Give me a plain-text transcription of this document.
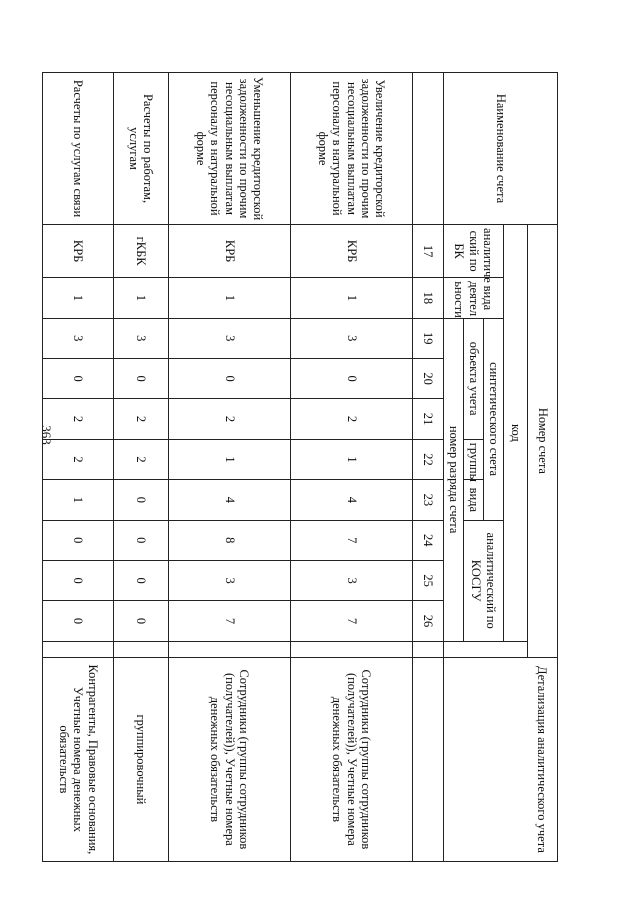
363
Наименование счета	Номер счета											Детализация аналитического учета
	код											
	аналитиче ский по БК	вида деятел ьности	синтетического счета					аналитический по КОСГУ				
			объекта учета			группы	вида					
			номер разряда счета									
	17	18	19	20	21	22	23	24	25	26		
Увеличение кредиторской задолженности по прочим несоциальным выплатам персоналу в натуральной форме	КРБ	1	3	0	2	1	4	7	3	7		Сотрудники (группы сотрудников (получателей)), Учетные номера денежных обязательств
Уменьшение кредиторской задолженности по прочим несоциальным выплатам персоналу в натуральной форме	КРБ	1	3	0	2	1	4	8	3	7		Сотрудники (группы сотрудников (получателей)), Учетные номера денежных обязательств
Расчеты по работам, услугам	гКБК	1	3	0	2	2	0	0	0	0		группировочный
Расчеты по услугам связи	КРБ	1	3	0	2	2	1	0	0	0		Контрагенты, Правовые основания, Учетные номера денежных обязательств
